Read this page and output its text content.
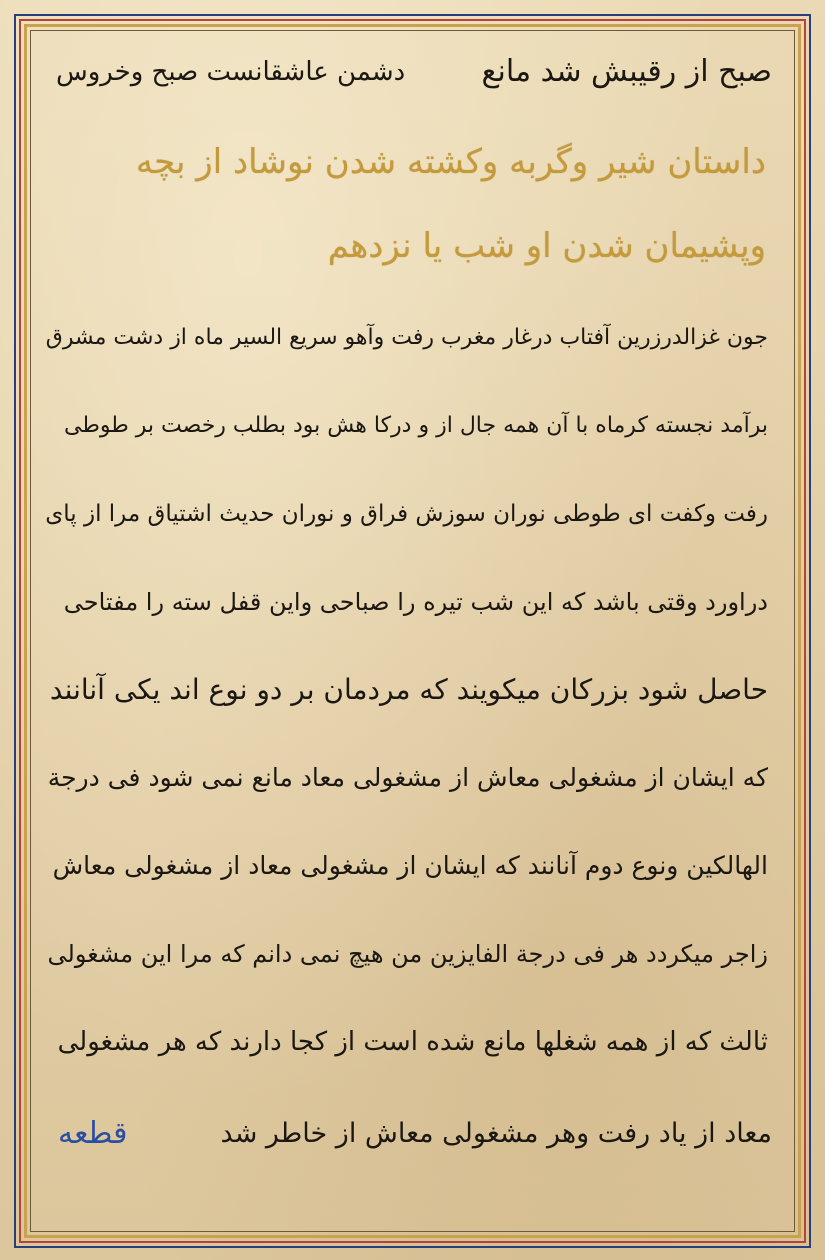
صبح از رقیبش شد مانع
دشمن عاشقانست صبح وخروس
داستان شیر وگربه وکشته شدن نوشاد از بچه
وپشیمان شدن او شب یا نزدهم
جون غزالدرزرین آفتاب درغار مغرب رفت وآهو سریع السیر ماه از دشت مشرق
برآمد نجسته کرماه با آن همه جال از و درکا هش بود بطلب رخصت بر طوطی
رفت وکفت ای طوطی نوران سوزش فراق و نوران حدیث اشتیاق مرا از پای
دراورد وقتی باشد که این شب تیره را صباحی واین قفل سته را مفتاحی
حاصل شود بزرکان میکویند که مردمان بر دو نوع اند یکی آنانند
که ایشان از مشغولی معاش از مشغولی معاد مانع نمی شود فی درجة
الهالکین ونوع دوم آنانند که ایشان از مشغولی معاد از مشغولی معاش
زاجر میکردد هر فی درجة الفایزین من هیچ نمی دانم که مرا این مشغولی
ثالث که از همه شغلها مانع شده است از کجا دارند که هر مشغولی
معاد از یاد رفت وهر مشغولی معاش از خاطر شد
قطعه
